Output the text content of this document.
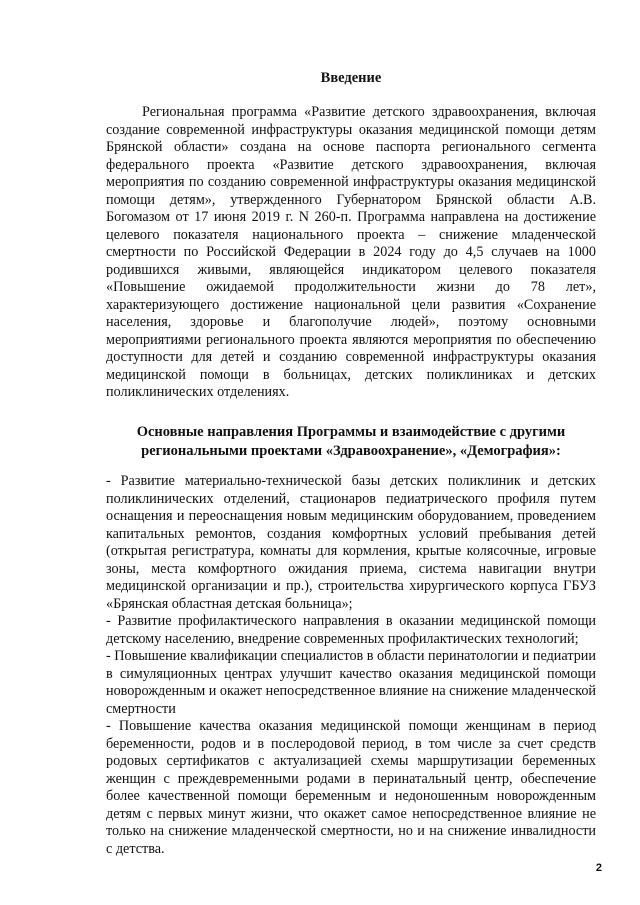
Введение

Региональная программа «Развитие детского здравоохранения, включая создание современной инфраструктуры оказания медицинской помощи детям Брянской области» создана на основе паспорта регионального сегмента федерального проекта «Развитие детского здравоохранения, включая мероприятия по созданию современной инфраструктуры оказания медицинской помощи детям», утвержденного Губернатором Брянской области А.В. Богомазом от 17 июня 2019 г. N 260-п. Программа направлена на достижение целевого показателя национального проекта – снижение младенческой смертности по Российской Федерации в 2024 году до 4,5 случаев на 1000 родившихся живыми, являющейся индикатором целевого показателя «Повышение ожидаемой продолжительности жизни до 78 лет», характеризующего достижение национальной цели развития «Сохранение населения, здоровье и благополучие людей», поэтому основными мероприятиями регионального проекта являются мероприятия по обеспечению доступности для детей и созданию современной инфраструктуры оказания медицинской помощи в больницах, детских поликлиниках и детских поликлинических отделениях.

Основные направления Программы и взаимодействие с другими региональными проектами «Здравоохранение», «Демография»:

- Развитие материально-технической базы детских поликлиник и детских поликлинических отделений, стационаров педиатрического профиля путем оснащения и переоснащения новым медицинским оборудованием, проведением капитальных ремонтов, создания комфортных условий пребывания детей (открытая регистратура, комнаты для кормления, крытые колясочные, игровые зоны, места комфортного ожидания приема, система навигации внутри медицинской организации и пр.), строительства хирургического корпуса ГБУЗ «Брянская областная детская больница»;

- Развитие профилактического направления в оказании медицинской помощи детскому населению, внедрение современных профилактических технологий;

- Повышение квалификации специалистов в области перинатологии и педиатрии в симуляционных центрах улучшит качество оказания медицинской помощи новорожденным и окажет непосредственное влияние на снижение младенческой смертности

- Повышение качества оказания медицинской помощи женщинам в период беременности, родов и в послеродовой период, в том числе за счет средств родовых сертификатов с актуализацией схемы маршрутизации беременных женщин с преждевременными родами в перинатальный центр, обеспечение более качественной помощи беременным и недоношенным новорожденным детям с первых минут жизни, что окажет самое непосредственное влияние не только на снижение младенческой смертности, но и на снижение инвалидности с детства.

2
